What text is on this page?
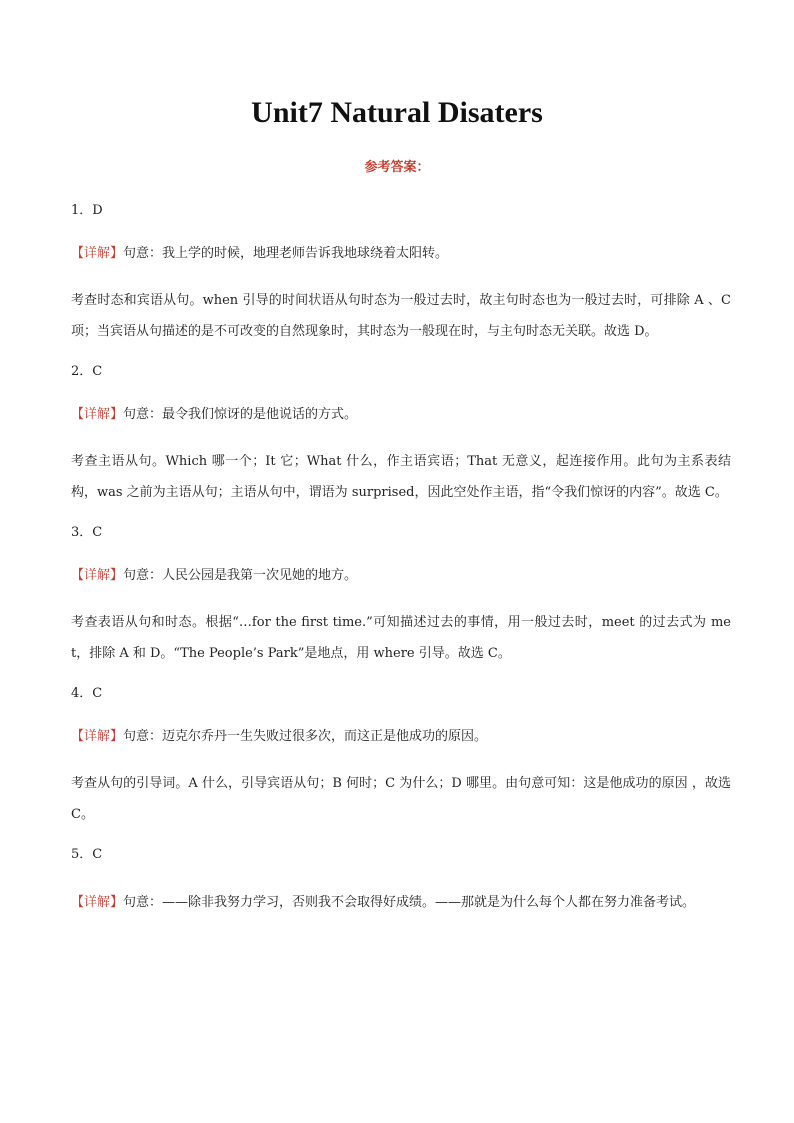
Unit7 Natural Disaters

参考答案：

1．D

【详解】句意：我上学的时候，地理老师告诉我地球绕着太阳转。

考查时态和宾语从句。when 引导的时间状语从句时态为一般过去时，故主句时态也为一般过去时，可排除 A 、C 项；当宾语从句描述的是不可改变的自然现象时，其时态为一般现在时，与主句时态无关联。故选 D。

2．C

【详解】句意：最令我们惊讶的是他说话的方式。

考查主语从句。Which 哪一个；It 它；What 什么，作主语宾语；That 无意义，起连接作用。此句为主系表结构，was 之前为主语从句；主语从句中，谓语为 surprised，因此空处作主语，指“令我们惊讶的内容”。故选 C。

3．C

【详解】句意：人民公园是我第一次见她的地方。

考查表语从句和时态。根据“…for the first time.”可知描述过去的事情，用一般过去时，meet 的过去式为 met，排除 A 和 D。“The People’s Park”是地点，用 where 引导。故选 C。

4．C

【详解】句意：迈克尔乔丹一生失败过很多次，而这正是他成功的原因。

考查从句的引导词。A 什么，引导宾语从句；B 何时；C 为什么；D 哪里。由句意可知：这是他成功的原因 ，故选 C。

5．C

【详解】句意：——除非我努力学习，否则我不会取得好成绩。——那就是为什么每个人都在努力准备考试。
